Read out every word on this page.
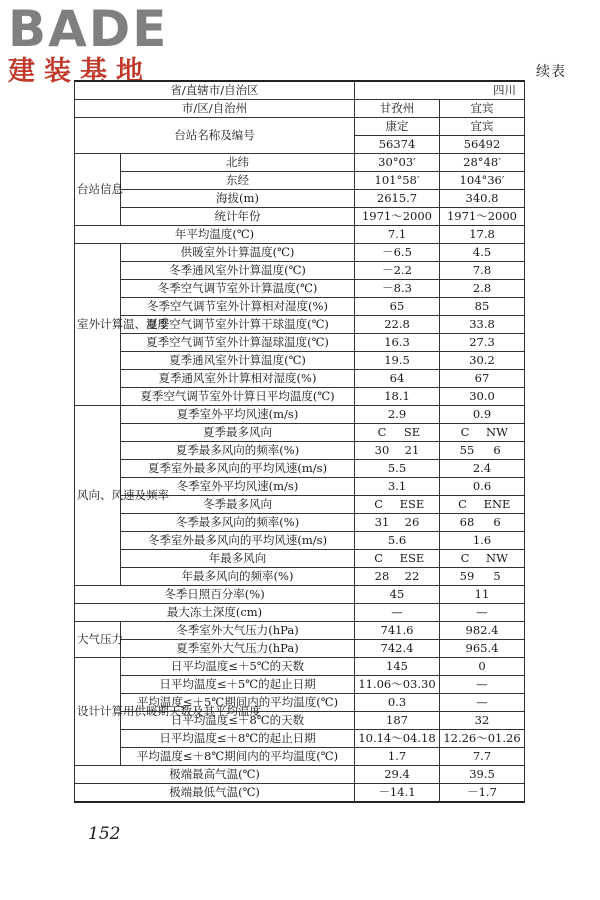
BADE
建装基地	续表
省/直辖市/自治区		四川	
市/区/自治州		甘孜州	宜宾
台站名称及编号		康定	宜宾
		56374	56492
台站信息	北纬	30°03′	28°48′
	东经	101°58′	104°36′
	海拔(m)	2615.7	340.8
	统计年份	1971～2000	1971～2000
年平均温度(℃)		7.1	17.8
室外计算温、湿度	供暖室外计算温度(℃)	－6.5	4.5
	冬季通风室外计算温度(℃)	－2.2	7.8
	冬季空气调节室外计算温度(℃)	－8.3	2.8
	冬季空气调节室外计算相对湿度(%)	65	85
	夏季空气调节室外计算干球温度(℃)	22.8	33.8
	夏季空气调节室外计算湿球温度(℃)	16.3	27.3
	夏季通风室外计算温度(℃)	19.5	30.2
	夏季通风室外计算相对湿度(%)	64	67
	夏季空气调节室外计算日平均温度(℃)	18.1	30.0
风向、风速及频率	夏季室外平均风速(m/s)	2.9	0.9
	夏季最多风向	C SE	C NW
	夏季最多风向的频率(%)	30 21	55 6
	夏季室外最多风向的平均风速(m/s)	5.5	2.4
	冬季室外平均风速(m/s)	3.1	0.6
	冬季最多风向	C ESE	C ENE
	冬季最多风向的频率(%)	31 26	68 6
	冬季室外最多风向的平均风速(m/s)	5.6	1.6
	年最多风向	C ESE	C NW
	年最多风向的频率(%)	28 22	59 5
冬季日照百分率(%)		45	11
最大冻土深度(cm)		—	—
大气压力	冬季室外大气压力(hPa)	741.6	982.4
	夏季室外大气压力(hPa)	742.4	965.4
设计计算用供暖期天数及其平均温度	日平均温度≤＋5℃的天数	145	0
	日平均温度≤＋5℃的起止日期	11.06～03.30	—
	平均温度≤＋5℃期间内的平均温度(℃)	0.3	—
	日平均温度≤＋8℃的天数	187	32
	日平均温度≤＋8℃的起止日期	10.14～04.18	12.26～01.26
	平均温度≤＋8℃期间内的平均温度(℃)	1.7	7.7
极端最高气温(℃)		29.4	39.5
极端最低气温(℃)		－14.1	－1.7
152
